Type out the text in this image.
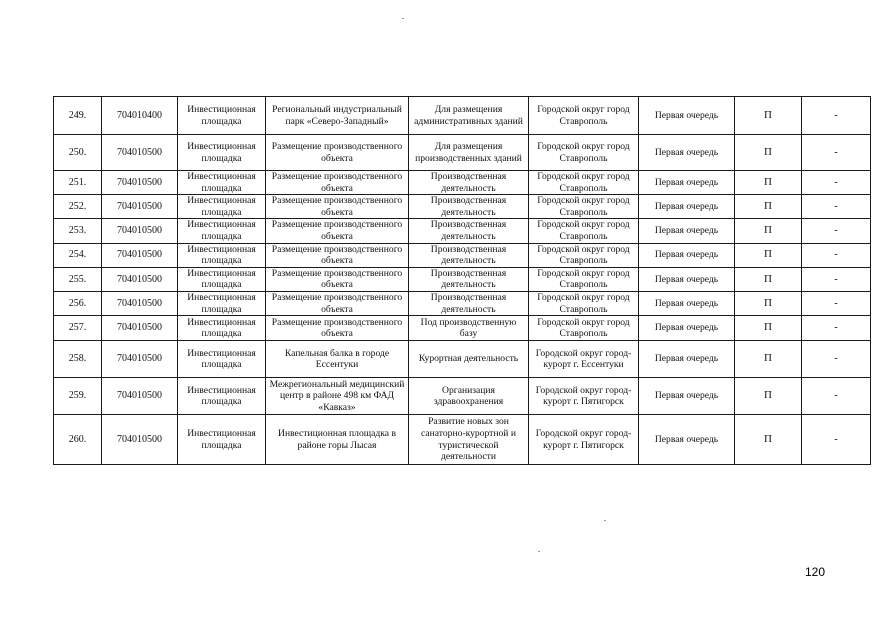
249.	704010400	Инвестиционная площадка	Региональный индустриальный парк «Северо-Западный»	Для размещения административных зданий	Городской округ город Ставрополь	Первая очередь	П	-
250.	704010500	Инвестиционная площадка	Размещение производственного объекта	Для размещения производственных зданий	Городской округ город Ставрополь	Первая очередь	П	-
251.	704010500	Инвестиционная площадка	Размещение производственного объекта	Производственная деятельность	Городской округ город Ставрополь	Первая очередь	П	-
252.	704010500	Инвестиционная площадка	Размещение производственного объекта	Производственная деятельность	Городской округ город Ставрополь	Первая очередь	П	-
253.	704010500	Инвестиционная площадка	Размещение производственного объекта	Производственная деятельность	Городской округ город Ставрополь	Первая очередь	П	-
254.	704010500	Инвестиционная площадка	Размещение производственного объекта	Производственная деятельность	Городской округ город Ставрополь	Первая очередь	П	-
255.	704010500	Инвестиционная площадка	Размещение производственного объекта	Производственная деятельность	Городской округ город Ставрополь	Первая очередь	П	-
256.	704010500	Инвестиционная площадка	Размещение производственного объекта	Производственная деятельность	Городской округ город Ставрополь	Первая очередь	П	-
257.	704010500	Инвестиционная площадка	Размещение производственного объекта	Под производственную базу	Городской округ город Ставрополь	Первая очередь	П	-
258.	704010500	Инвестиционная площадка	Капельная балка в городе Ессентуки	Курортная деятельность	Городской округ город-курорт г. Ессентуки	Первая очередь	П	-
259.	704010500	Инвестиционная площадка	Межрегиональный медицинский центр в районе 498 км ФАД «Кавказ»	Организация здравоохранения	Городской округ город-курорт г. Пятигорск	Первая очередь	П	-
260.	704010500	Инвестиционная площадка	Инвестиционная площадка в районе горы Лысая	Развитие новых зон санаторно-курортной и туристической деятельности	Городской округ город-курорт г. Пятигорск	Первая очередь	П	-
120
